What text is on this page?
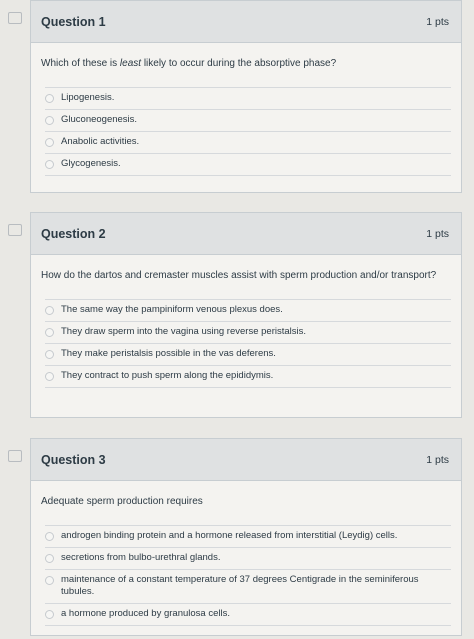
Question 1	1 pts

Which of these is least likely to occur during the absorptive phase?

Lipogenesis.
Gluconeogenesis.
Anabolic activities.
Glycogenesis.
Question 2	1 pts

How do the dartos and cremaster muscles assist with sperm production and/or transport?

The same way the pampiniform venous plexus does.
They draw sperm into the vagina using reverse peristalsis.
They make peristalsis possible in the vas deferens.
They contract to push sperm along the epididymis.
Question 3	1 pts

Adequate sperm production requires

androgen binding protein and a hormone released from interstitial (Leydig) cells.
secretions from bulbo-urethral glands.
maintenance of a constant temperature of 37 degrees Centigrade in the seminiferous tubules.
a hormone produced by granulosa cells.
